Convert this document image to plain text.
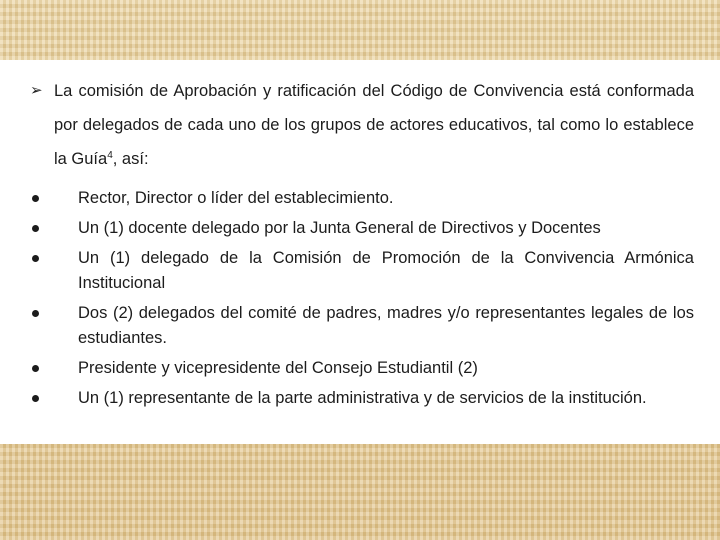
➢ La comisión de Aprobación y ratificación del Código de Convivencia está conformada por delegados de cada uno de los grupos de actores educativos, tal como lo establece la Guía$^4$, así:
Rector, Director o líder del establecimiento.
Un (1) docente delegado por la Junta General de Directivos y Docentes
Un (1) delegado de la Comisión de Promoción de la Convivencia Armónica Institucional
Dos (2) delegados del comité de padres, madres y/o representantes legales de los estudiantes.
Presidente y vicepresidente del Consejo Estudiantil (2)
Un (1) representante de la parte administrativa y de servicios de la institución.
